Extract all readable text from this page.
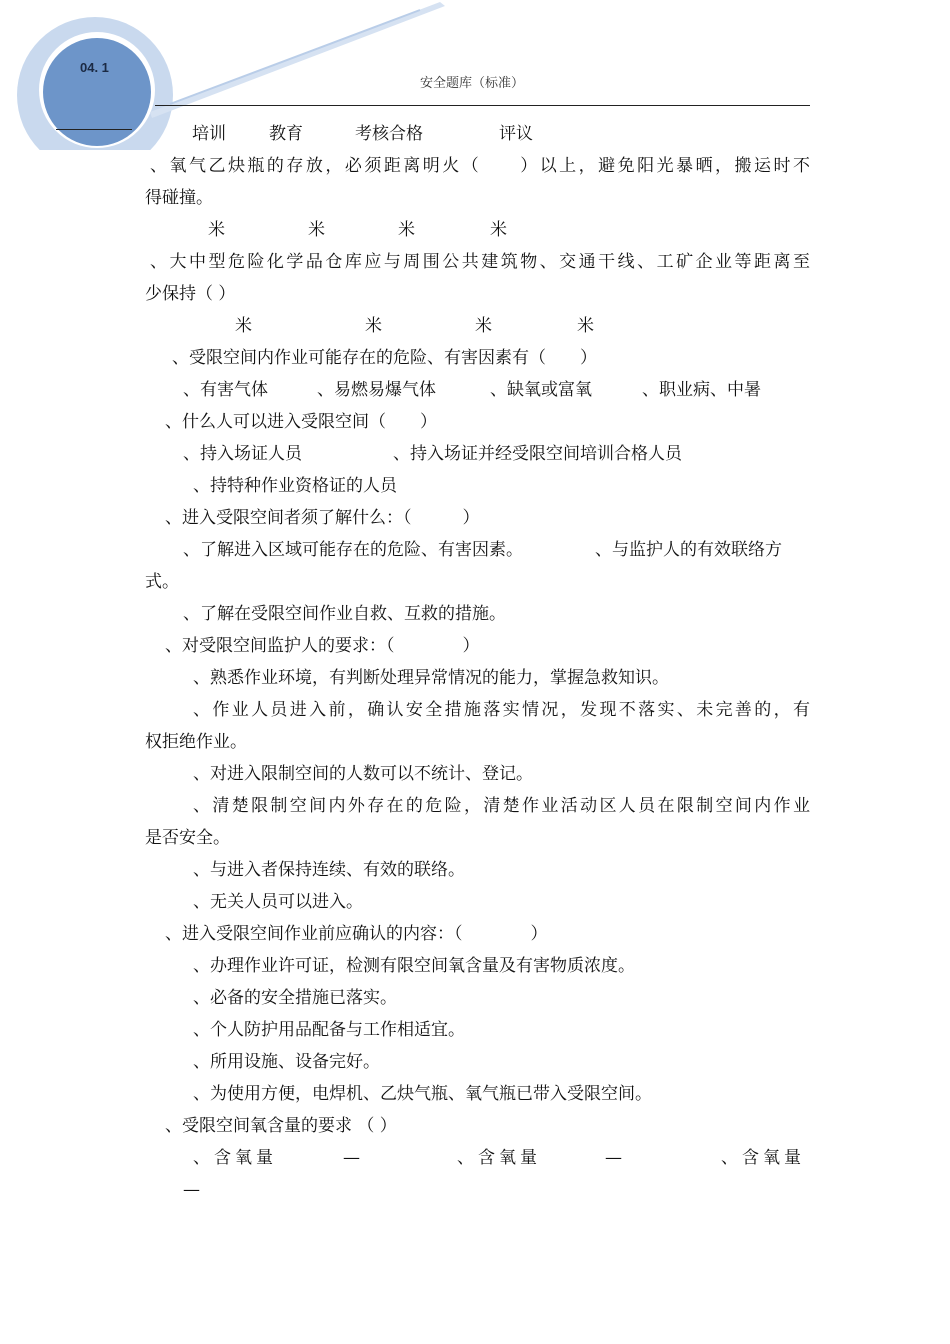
04. 1
安全题库（标准）
培训	教育	考核合格	评议
、氧气乙炔瓶的存放，必须距离明火（　　）以上，避免阳光暴晒，搬运时不
得碰撞。
米	米	米	米
、大中型危险化学品仓库应与周围公共建筑物、交通干线、工矿企业等距离至
少保持（ ）
米	米	米	米
、受限空间内作业可能存在的危险、有害因素有（　　）
、有害气体	、易燃易爆气体	、缺氧或富氧	、职业病、中暑
、什么人可以进入受限空间（　　）
、持入场证人员	、持入场证并经受限空间培训合格人员
、持特种作业资格证的人员
、进入受限空间者须了解什么：（　　　）
、了解进入区域可能存在的危险、有害因素。	、与监护人的有效联络方
式。
、了解在受限空间作业自救、互救的措施。
、对受限空间监护人的要求：（　　　　）
、熟悉作业环境，有判断处理异常情况的能力，掌握急救知识。
、作业人员进入前，确认安全措施落实情况，发现不落实、未完善的，有
权拒绝作业。
、对进入限制空间的人数可以不统计、登记。
、清楚限制空间内外存在的危险，清楚作业活动区人员在限制空间内作业
是否安全。
、与进入者保持连续、有效的联络。
、无关人员可以进入。
、进入受限空间作业前应确认的内容：（　　　　）
、办理作业许可证，检测有限空间氧含量及有害物质浓度。
、必备的安全措施已落实。
、个人防护用品配备与工作相适宜。
、所用设施、设备完好。
、为使用方便，电焊机、乙炔气瓶、氧气瓶已带入受限空间。
、受限空间氧含量的要求 （ ）
、含氧量	—	、含氧量	—	、含氧量
—
